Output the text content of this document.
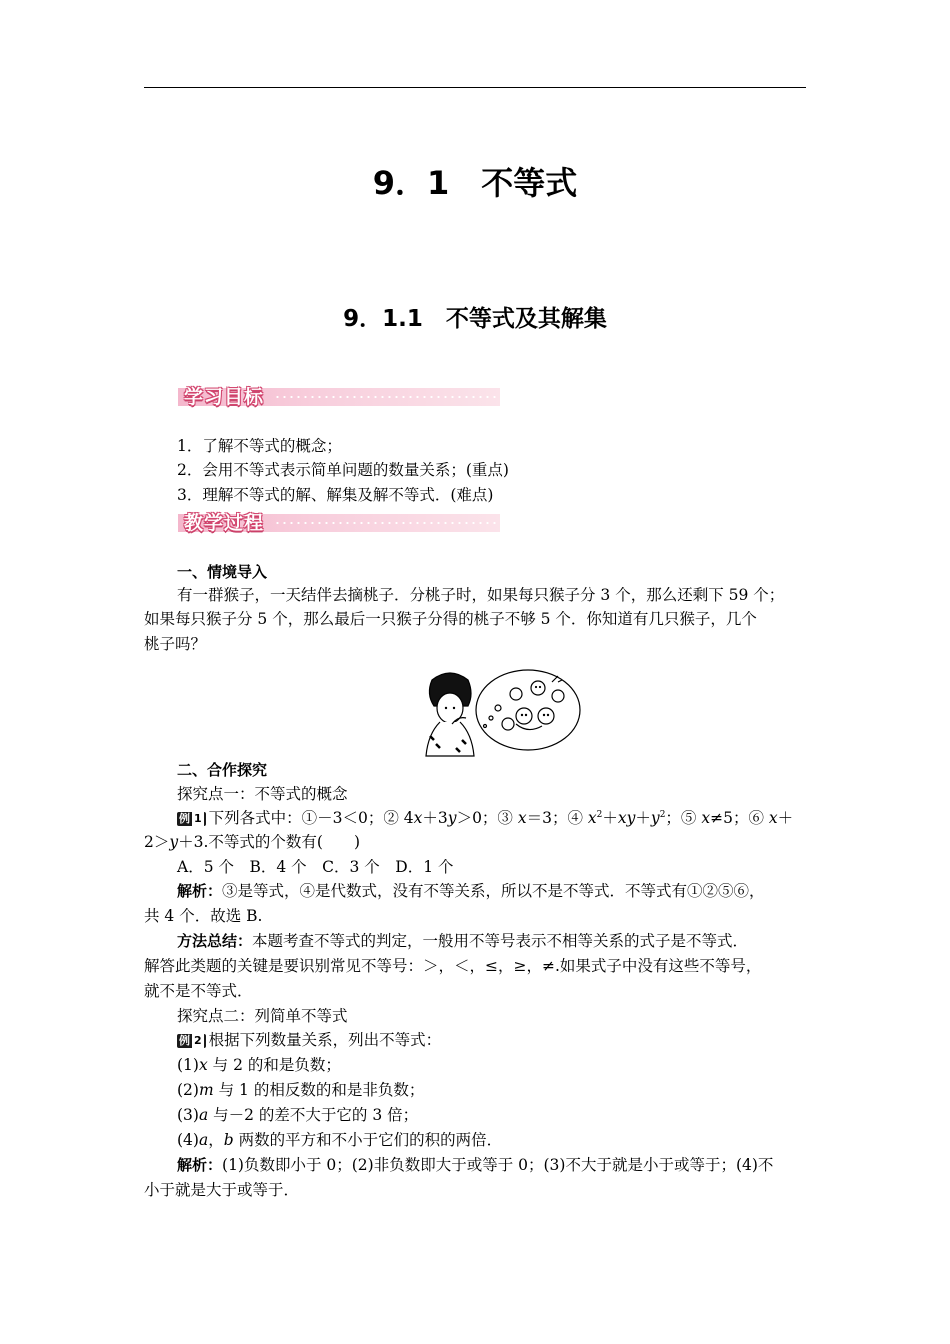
9．1　不等式
9．1.1　不等式及其解集
学习目标
1．了解不等式的概念；
2．会用不等式表示简单问题的数量关系；(重点)
3．理解不等式的解、解集及解不等式．(难点)
教学过程
一、情境导入
有一群猴子，一天结伴去摘桃子．分桃子时，如果每只猴子分 3 个，那么还剩下 59 个；
如果每只猴子分 5 个，那么最后一只猴子分得的桃子不够 5 个．你知道有几只猴子，几个
桃子吗？
二、合作探究
探究点一：不等式的概念
例 1 下列各式中：①－3＜0；② 4x＋3y＞0；③ x＝3；④ $x^2+xy+y^2$；⑤ x≠5；⑥ x＋
2＞y＋3.不等式的个数有(　　)
A．5 个　B．4 个　C．3 个　D．1 个
解析：③是等式，④是代数式，没有不等关系，所以不是不等式．不等式有①②⑤⑥，
共 4 个．故选 B.
方法总结：本题考查不等式的判定，一般用不等号表示不相等关系的式子是不等式．
解答此类题的关键是要识别常见不等号：＞，＜，≤，≥，≠.如果式子中没有这些不等号，
就不是不等式．
探究点二：列简单不等式
例 2 根据下列数量关系，列出不等式：
(1)x 与 2 的和是负数；
(2)m 与 1 的相反数的和是非负数；
(3)a 与－2 的差不大于它的 3 倍；
(4)a，b 两数的平方和不小于它们的积的两倍．
解析：(1)负数即小于 0；(2)非负数即大于或等于 0；(3)不大于就是小于或等于；(4)不
小于就是大于或等于．
